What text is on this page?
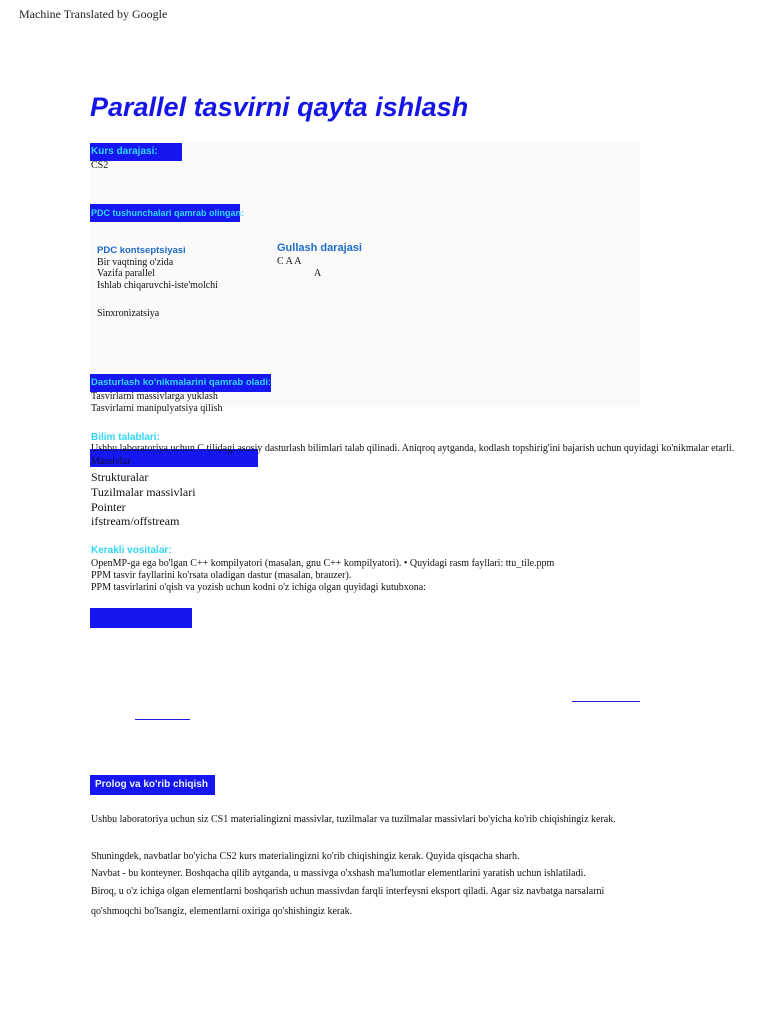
Machine Translated by Google
Parallel tasvirni qayta ishlash
Kurs darajasi:
CS2
PDC tushunchalari qamrab olingan:
PDC kontseptsiyasi	Gullash darajasi
Bir vaqtning o'zida	C A A
Vazifa parallel	A
Ishlab chiqaruvchi-iste'molchi
Sinxronizatsiya
Dasturlash ko'nikmalarini qamrab oladi:
Tasvirlarni massivlarga yuklash
Tasvirlarni manipulyatsiya qilish
Bilim talablari:
Ushbu laboratoriya uchun C tilidagi asosiy dasturlash bilimlari talab qilinadi. Aniqroq aytganda, kodlash topshirig'ini bajarish uchun quyidagi ko'nikmalar etarli.
Massivlar
Strukturalar
Tuzilmalar massivlari
Pointer
ifstream/offstream
Kerakli vositalar:
OpenMP-ga ega bo'lgan C++ kompilyatori (masalan, gnu C++ kompilyatori). • Quyidagi rasm fayllari: ttu_tile.ppm
PPM tasvir fayllarini ko'rsata oladigan dastur (masalan, brauzer).
PPM tasvirlarini o'qish va yozish uchun kodni o'z ichiga olgan quyidagi kutubxona:
Prolog va ko'rib chiqish
Ushbu laboratoriya uchun siz CS1 materialingizni massivlar, tuzilmalar va tuzilmalar massivlari bo'yicha ko'rib chiqishingiz kerak.
Shuningdek, navbatlar bo'yicha CS2 kurs materialingizni ko'rib chiqishingiz kerak. Quyida qisqacha sharh.
Navbat - bu konteyner. Boshqacha qilib aytganda, u massivga o'xshash ma'lumotlar elementlarini yaratish uchun ishlatiladi.
Biroq, u o'z ichiga olgan elementlarni boshqarish uchun massivdan farqli interfeysni eksport qiladi. Agar siz navbatga narsalarni
qo'shmoqchi bo'lsangiz, elementlarni oxiriga qo'shishingiz kerak.
